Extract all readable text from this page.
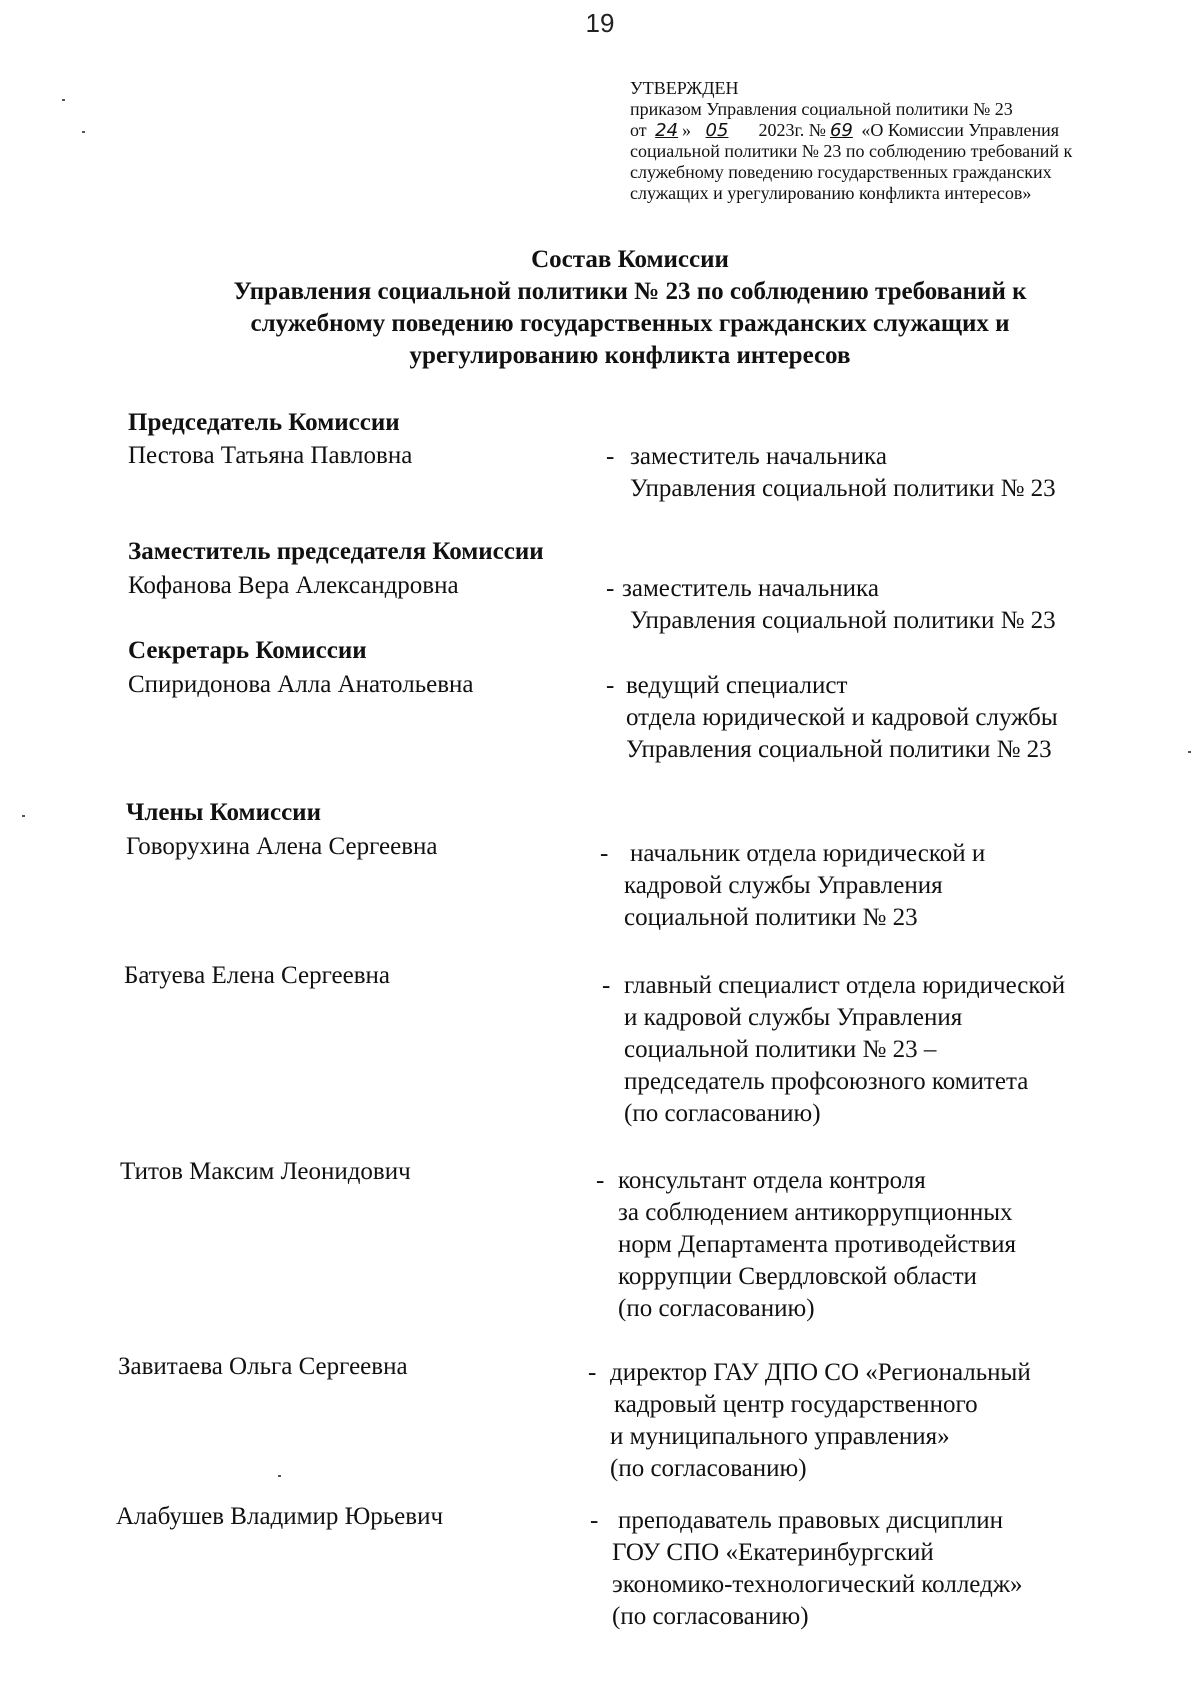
19
УТВЕРЖДЕН
приказом Управления социальной политики № 23
от 24 » 05 2023г. № 69 «О Комиссии Управления
социальной политики № 23 по соблюдению требований к
служебному поведению государственных гражданских
служащих и урегулированию конфликта интересов»
Состав Комиссии
Управления социальной политики № 23 по соблюдению требований к
служебному поведению государственных гражданских служащих и
урегулированию конфликта интересов
Председатель Комиссии
Пестова Татьяна Павловна	- заместитель начальника
Управления социальной политики № 23
Заместитель председателя Комиссии
Кофанова Вера Александровна	- заместитель начальника
Управления социальной политики № 23
Секретарь Комиссии
Спиридонова Алла Анатольевна	- ведущий специалист
отдела юридической и кадровой службы
Управления социальной политики № 23
Члены Комиссии
Говорухина Алена Сергеевна	- начальник отдела юридической и
кадровой службы Управления
социальной политики № 23
Батуева Елена Сергеевна	- главный специалист отдела юридической
и кадровой службы Управления
социальной политики № 23 –
председатель профсоюзного комитета
(по согласованию)
Титов Максим Леонидович	- консультант отдела контроля
за соблюдением антикоррупционных
норм Департамента противодействия
коррупции Свердловской области
(по согласованию)
Завитаева Ольга Сергеевна	- директор ГАУ ДПО СО «Региональный
кадровый центр государственного
и муниципального управления»
(по согласованию)
Алабушев Владимир Юрьевич	- преподаватель правовых дисциплин
ГОУ СПО «Екатеринбургский
экономико-технологический колледж»
(по согласованию)
